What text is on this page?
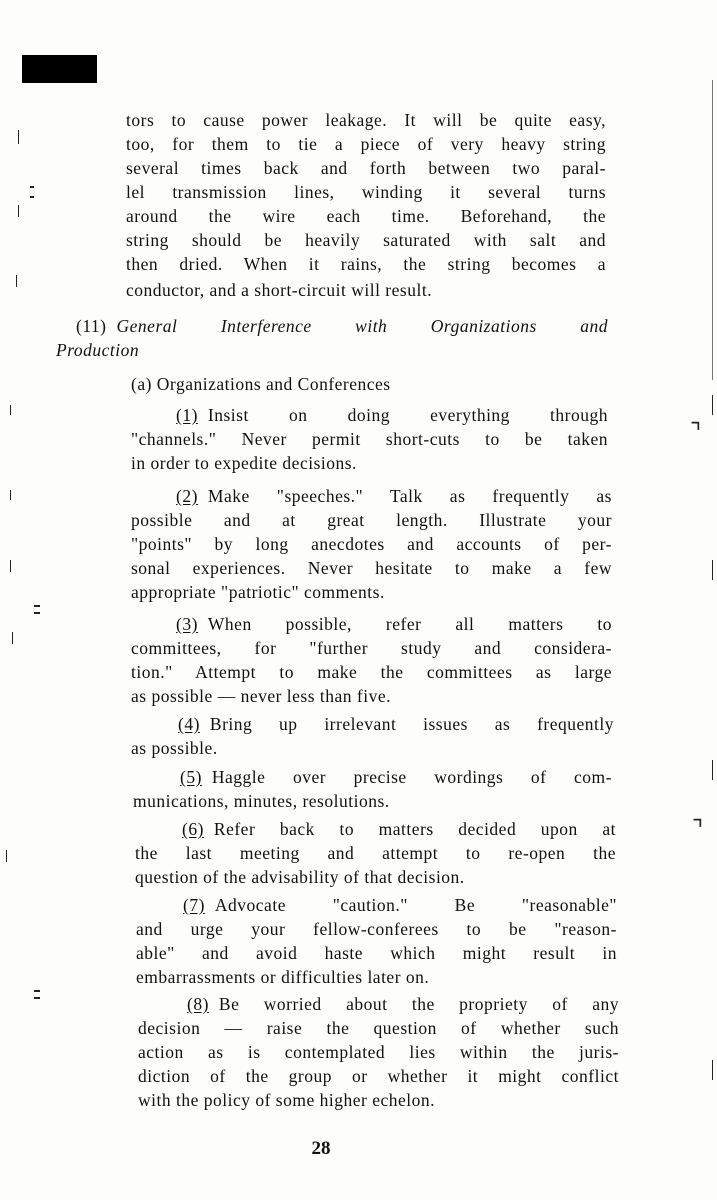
tors to cause power leakage. It will be quite easy,
too, for them to tie a piece of very heavy string
several times back and forth between two paral-
lel transmission lines, winding it several turns
around the wire each time. Beforehand, the
string should be heavily saturated with salt and
then dried. When it rains, the string becomes a
conductor, and a short-circuit will result.
(11) General Interference with Organizations and
Production
(a) Organizations and Conferences
(1) Insist on doing everything through
"channels." Never permit short-cuts to be taken
in order to expedite decisions.
(2) Make "speeches." Talk as frequently as
possible and at great length. Illustrate your
"points" by long anecdotes and accounts of per-
sonal experiences. Never hesitate to make a few
appropriate "patriotic" comments.
(3) When possible, refer all matters to
committees, for "further study and considera-
tion." Attempt to make the committees as large
as possible — never less than five.
(4) Bring up irrelevant issues as frequently
as possible.
(5) Haggle over precise wordings of com-
munications, minutes, resolutions.
(6) Refer back to matters decided upon at
the last meeting and attempt to re-open the
question of the advisability of that decision.
(7) Advocate "caution." Be "reasonable"
and urge your fellow-conferees to be "reason-
able" and avoid haste which might result in
embarrassments or difficulties later on.
(8) Be worried about the propriety of any
decision — raise the question of whether such
action as is contemplated lies within the juris-
diction of the group or whether it might conflict
with the policy of some higher echelon.
28
⌝
⌝
